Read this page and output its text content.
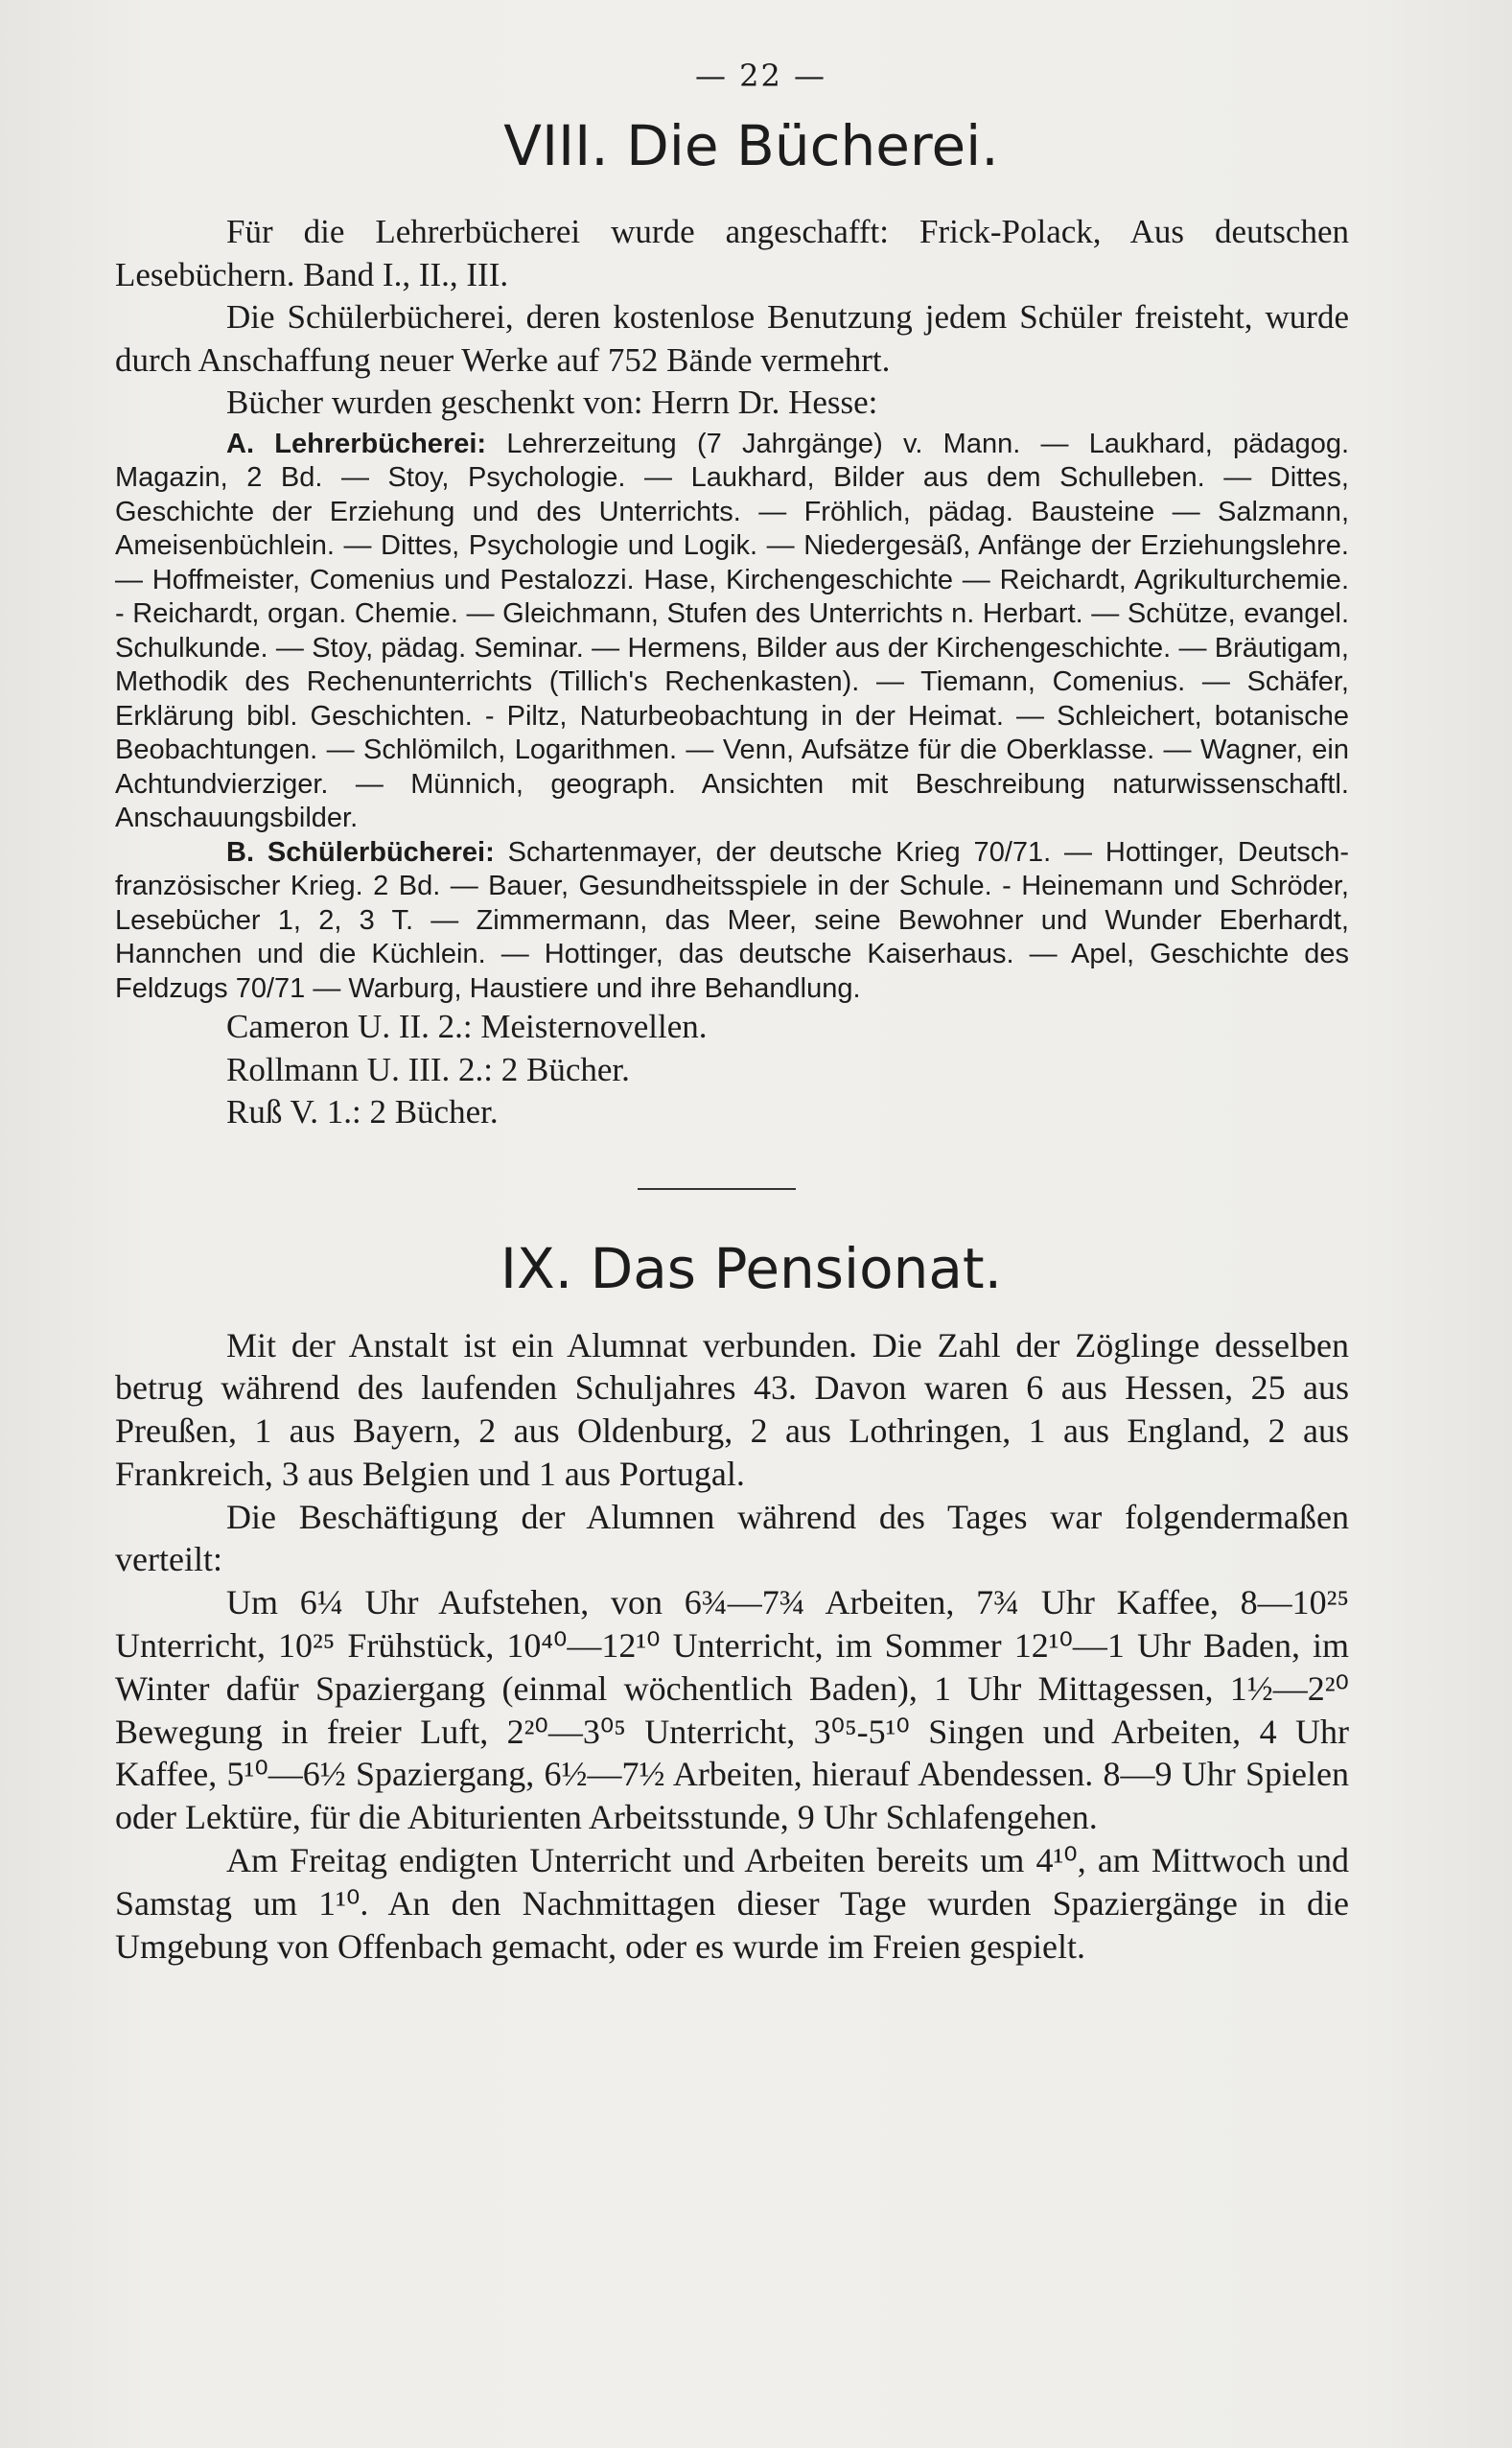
— 22 —
VIII. Die Bücherei.

Für die Lehrerbücherei wurde angeschafft: Frick-Polack, Aus deutschen Lesebüchern. Band I., II., III.

Die Schülerbücherei, deren kostenlose Benutzung jedem Schüler freisteht, wurde durch Anschaffung neuer Werke auf 752 Bände vermehrt.

Bücher wurden geschenkt von: Herrn Dr. Hesse:

A. Lehrerbücherei: Lehrerzeitung (7 Jahrgänge) v. Mann. — Laukhard, pädagog. Magazin, 2 Bd. — Stoy, Psychologie. — Laukhard, Bilder aus dem Schulleben. — Dittes, Geschichte der Erziehung und des Unterrichts. — Fröhlich, pädag. Bausteine — Salzmann, Ameisenbüchlein. — Dittes, Psychologie und Logik. — Niedergesäß, Anfänge der Erziehungslehre. — Hoffmeister, Comenius und Pestalozzi. Hase, Kirchengeschichte — Reichardt, Agrikulturchemie. - Reichardt, organ. Chemie. — Gleichmann, Stufen des Unterrichts n. Herbart. — Schütze, evangel. Schulkunde. — Stoy, pädag. Seminar. — Hermens, Bilder aus der Kirchengeschichte. — Bräutigam, Methodik des Rechenunterrichts (Tillich's Rechenkasten). — Tiemann, Comenius. — Schäfer, Erklärung bibl. Geschichten. - Piltz, Naturbeobachtung in der Heimat. — Schleichert, botanische Beobachtungen. — Schlömilch, Logarithmen. — Venn, Aufsätze für die Oberklasse. — Wagner, ein Achtundvierziger. — Münnich, geograph. Ansichten mit Beschreibung naturwissenschaftl. Anschauungsbilder.

B. Schülerbücherei: Schartenmayer, der deutsche Krieg 70/71. — Hottinger, Deutsch-französischer Krieg. 2 Bd. — Bauer, Gesundheitsspiele in der Schule. - Heinemann und Schröder, Lesebücher 1, 2, 3 T. — Zimmermann, das Meer, seine Bewohner und Wunder Eberhardt, Hannchen und die Küchlein. — Hottinger, das deutsche Kaiserhaus. — Apel, Geschichte des Feldzugs 70/71 — Warburg, Haustiere und ihre Behandlung.

Cameron U. II. 2.: Meisternovellen.

Rollmann U. III. 2.: 2 Bücher.

Ruß V. 1.: 2 Bücher.

IX. Das Pensionat.

Mit der Anstalt ist ein Alumnat verbunden. Die Zahl der Zöglinge desselben betrug während des laufenden Schuljahres 43. Davon waren 6 aus Hessen, 25 aus Preußen, 1 aus Bayern, 2 aus Oldenburg, 2 aus Lothringen, 1 aus England, 2 aus Frankreich, 3 aus Belgien und 1 aus Portugal.

Die Beschäftigung der Alumnen während des Tages war folgendermaßen verteilt:

Um 6¼ Uhr Aufstehen, von 6¾—7¾ Arbeiten, 7¾ Uhr Kaffee, 8—10²⁵ Unterricht, 10²⁵ Frühstück, 10⁴⁰—12¹⁰ Unterricht, im Sommer 12¹⁰—1 Uhr Baden, im Winter dafür Spaziergang (einmal wöchentlich Baden), 1 Uhr Mittagessen, 1½—2²⁰ Bewegung in freier Luft, 2²⁰—3⁰⁵ Unterricht, 3⁰⁵-5¹⁰ Singen und Arbeiten, 4 Uhr Kaffee, 5¹⁰—6½ Spaziergang, 6½—7½ Arbeiten, hierauf Abendessen. 8—9 Uhr Spielen oder Lektüre, für die Abiturienten Arbeitsstunde, 9 Uhr Schlafengehen.

Am Freitag endigten Unterricht und Arbeiten bereits um 4¹⁰, am Mittwoch und Samstag um 1¹⁰. An den Nachmittagen dieser Tage wurden Spaziergänge in die Umgebung von Offenbach gemacht, oder es wurde im Freien gespielt.
